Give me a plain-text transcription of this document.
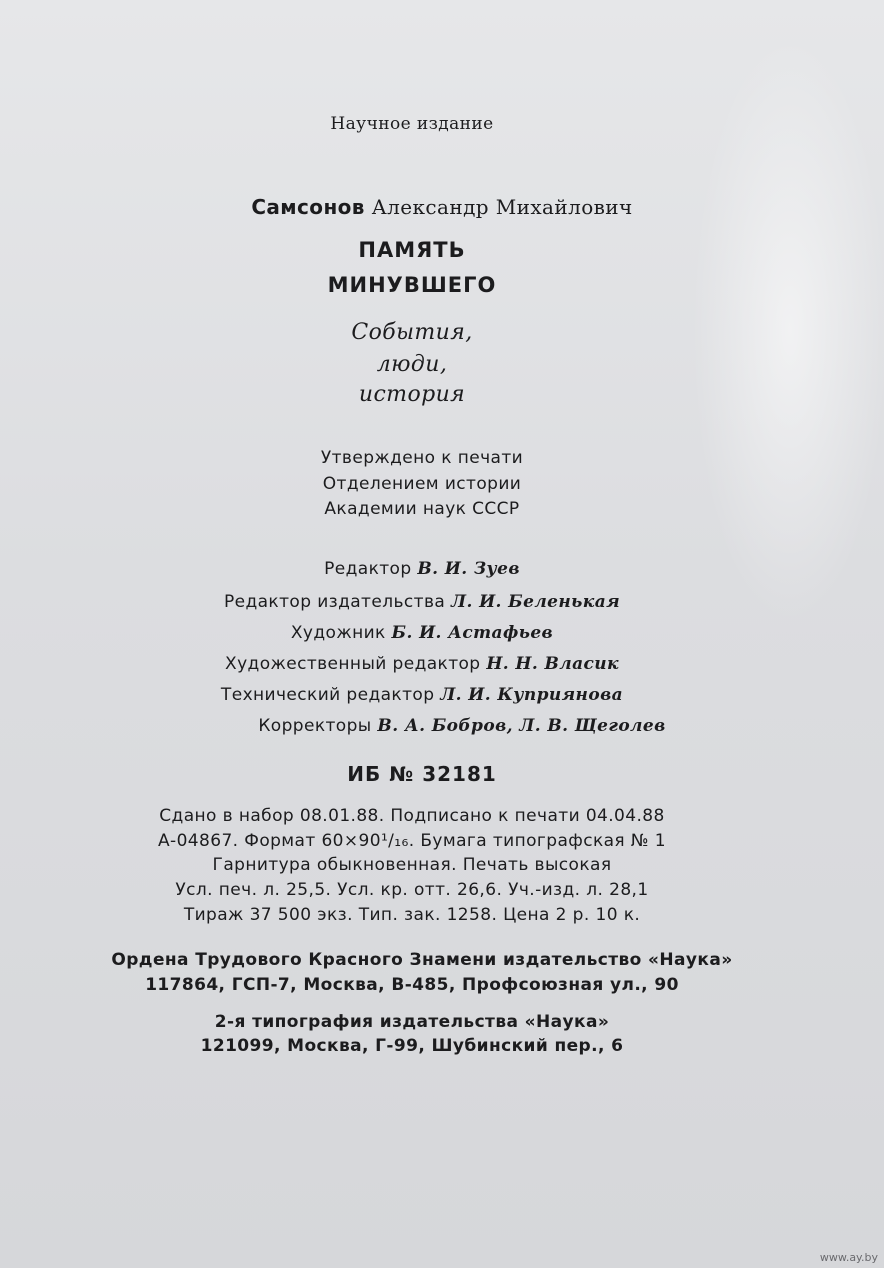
Научное издание
Самсонов Александр Михайлович
ПАМЯТЬ
МИНУВШЕГО
События,
люди,
история
Утверждено к печати
Отделением истории
Академии наук СССР
Редактор В. И. Зуев
Редактор издательства Л. И. Беленькая
Художник Б. И. Астафьев
Художественный редактор Н. Н. Власик
Технический редактор Л. И. Куприянова
Корректоры В. А. Бобров, Л. В. Щеголев
ИБ № 32181
Сдано в набор 08.01.88. Подписано к печати 04.04.88
А-04867. Формат 60×90¹/₁₆. Бумага типографская № 1
Гарнитура обыкновенная. Печать высокая
Усл. печ. л. 25,5. Усл. кр. отт. 26,6. Уч.-изд. л. 28,1
Тираж 37 500 экз. Тип. зак. 1258. Цена 2 р. 10 к.
Ордена Трудового Красного Знамени издательство «Наука»
117864, ГСП-7, Москва, В-485, Профсоюзная ул., 90
2-я типография издательства «Наука»
121099, Москва, Г-99, Шубинский пер., 6
www.ay.by
